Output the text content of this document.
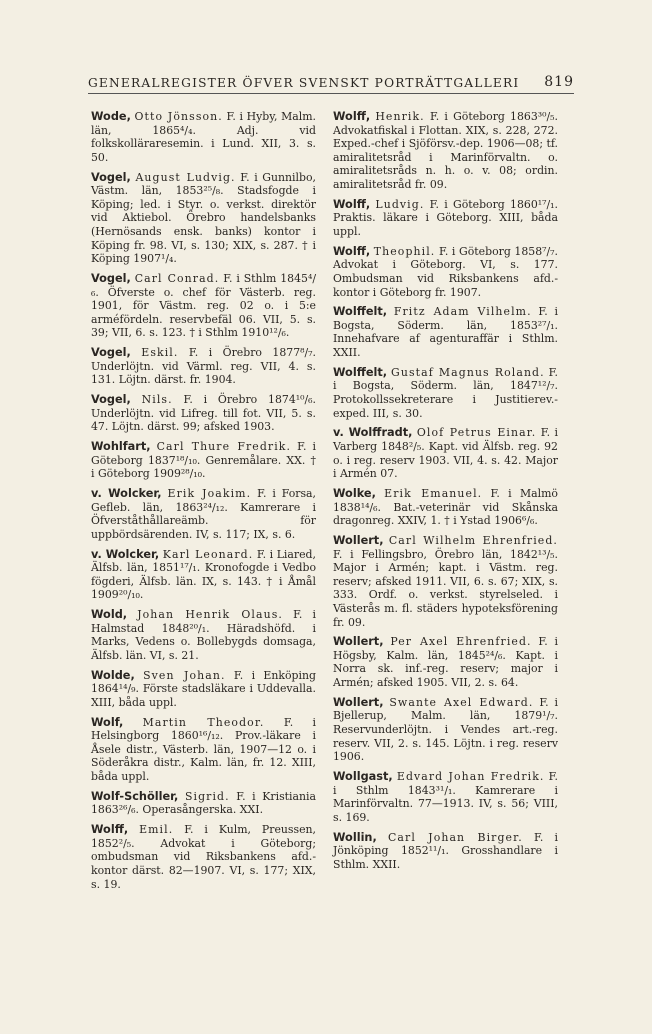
GENERALREGISTER ÖFVER SVENSKT PORTRÄTTGALLERI 819
Wode, Otto Jönsson. F. i Hyby, Malm. län, 1865⁴/₄. Adj. vid folkskolläraresemin. i Lund. XII, 3. s. 50.
Vogel, August Ludvig. F. i Gunnilbo, Västm. län, 1853²⁵/₈. Stadsfogde i Köping; led. i Styr. o. verkst. direktör vid Aktiebol. Örebro handelsbanks (Hernösands ensk. banks) kontor i Köping fr. 98. VI, s. 130; XIX, s. 287. † i Köping 1907¹/₄.
Vogel, Carl Conrad. F. i Sthlm 1845⁴/₆. Öfverste o. chef för Västerb. reg. 1901, för Västm. reg. 02 o. i 5:e arméfördeln. reservbefäl 06. VII, 5. s. 39; VII, 6. s. 123. † i Sthlm 1910¹²/₆.
Vogel, Eskil. F. i Örebro 1877⁸/₇. Underlöjtn. vid Värml. reg. VII, 4. s. 131. Löjtn. därst. fr. 1904.
Vogel, Nils. F. i Örebro 1874¹⁰/₆. Underlöjtn. vid Lifreg. till fot. VII, 5. s. 47. Löjtn. därst. 99; afsked 1903.
Wohlfart, Carl Thure Fredrik. F. i Göteborg 1837¹⁸/₁₀. Genremålare. XX. † i Göteborg 1909²⁸/₁₀.
v. Wolcker, Erik Joakim. F. i Forsa, Gefleb. län, 1863²⁴/₁₂. Kamrerare i Öfverståthållareämb. för uppbördsärenden. IV, s. 117; IX, s. 6.
v. Wolcker, Karl Leonard. F. i Liared, Älfsb. län, 1851¹⁷/₁. Kronofogde i Vedbo fögderi, Älfsb. län. IX, s. 143. † i Åmål 1909²⁰/₁₀.
Wold, Johan Henrik Olaus. F. i Halmstad 1848²⁰/₁. Häradshöfd. i Marks, Vedens o. Bollebygds domsaga, Älfsb. län. VI, s. 21.
Wolde, Sven Johan. F. i Enköping 1864¹⁴/₉. Förste stadsläkare i Uddevalla. XIII, båda uppl.
Wolf, Martin Theodor. F. i Helsingborg 1860¹⁶/₁₂. Prov.-läkare i Åsele distr., Västerb. län, 1907—12 o. i Söderåkra distr., Kalm. län, fr. 12. XIII, båda uppl.
Wolf-Schöller, Sigrid. F. i Kristiania 1863²⁶/₆. Operasångerska. XXI.
Wolff, Emil. F. i Kulm, Preussen, 1852²/₅. Advokat i Göteborg; ombudsman vid Riksbankens afd.-kontor därst. 82—1907. VI, s. 177; XIX, s. 19.
Wolff, Henrik. F. i Göteborg 1863³⁰/₅. Advokatfiskal i Flottan. XIX, s. 228, 272. Exped.-chef i Sjöförsv.-dep. 1906—08; tf. amiralitetsråd i Marinförvaltn. o. amiralitetsråds n. h. o. v. 08; ordin. amiralitetsråd fr. 09.
Wolff, Ludvig. F. i Göteborg 1860¹⁷/₁. Praktis. läkare i Göteborg. XIII, båda uppl.
Wolff, Theophil. F. i Göteborg 1858⁷/₇. Advokat i Göteborg. VI, s. 177. Ombudsman vid Riksbankens afd.-kontor i Göteborg fr. 1907.
Wolffelt, Fritz Adam Vilhelm. F. i Bogsta, Söderm. län, 1853²⁷/₁. Innehafvare af agenturaffär i Sthlm. XXII.
Wolffelt, Gustaf Magnus Roland. F. i Bogsta, Söderm. län, 1847¹²/₇. Protokollssekreterare i Justitierev.-exped. III, s. 30.
v. Wolffradt, Olof Petrus Einar. F. i Varberg 1848²/₅. Kapt. vid Älfsb. reg. 92 o. i reg. reserv 1903. VII, 4. s. 42. Major i Armén 07.
Wolke, Erik Emanuel. F. i Malmö 1838¹⁴/₆. Bat.-veterinär vid Skånska dragonreg. XXIV, 1. † i Ystad 1906⁶/₆.
Wollert, Carl Wilhelm Ehrenfried. F. i Fellingsbro, Örebro län, 1842¹³/₅. Major i Armén; kapt. i Västm. reg. reserv; afsked 1911. VII, 6. s. 67; XIX, s. 333. Ordf. o. verkst. styrelseled. i Västerås m. fl. städers hypoteksförening fr. 09.
Wollert, Per Axel Ehrenfried. F. i Högsby, Kalm. län, 1845²⁴/₆. Kapt. i Norra sk. inf.-reg. reserv; major i Armén; afsked 1905. VII, 2. s. 64.
Wollert, Swante Axel Edward. F. i Bjellerup, Malm. län, 1879¹/₇. Reservunderlöjtn. i Vendes art.-reg. reserv. VII, 2. s. 145. Löjtn. i reg. reserv 1906.
Wollgast, Edvard Johan Fredrik. F. i Sthlm 1843³¹/₁. Kamrerare i Marinförvaltn. 77—1913. IV, s. 56; VIII, s. 169.
Wollin, Carl Johan Birger. F. i Jönköping 1852¹¹/₁. Grosshandlare i Sthlm. XXII.
